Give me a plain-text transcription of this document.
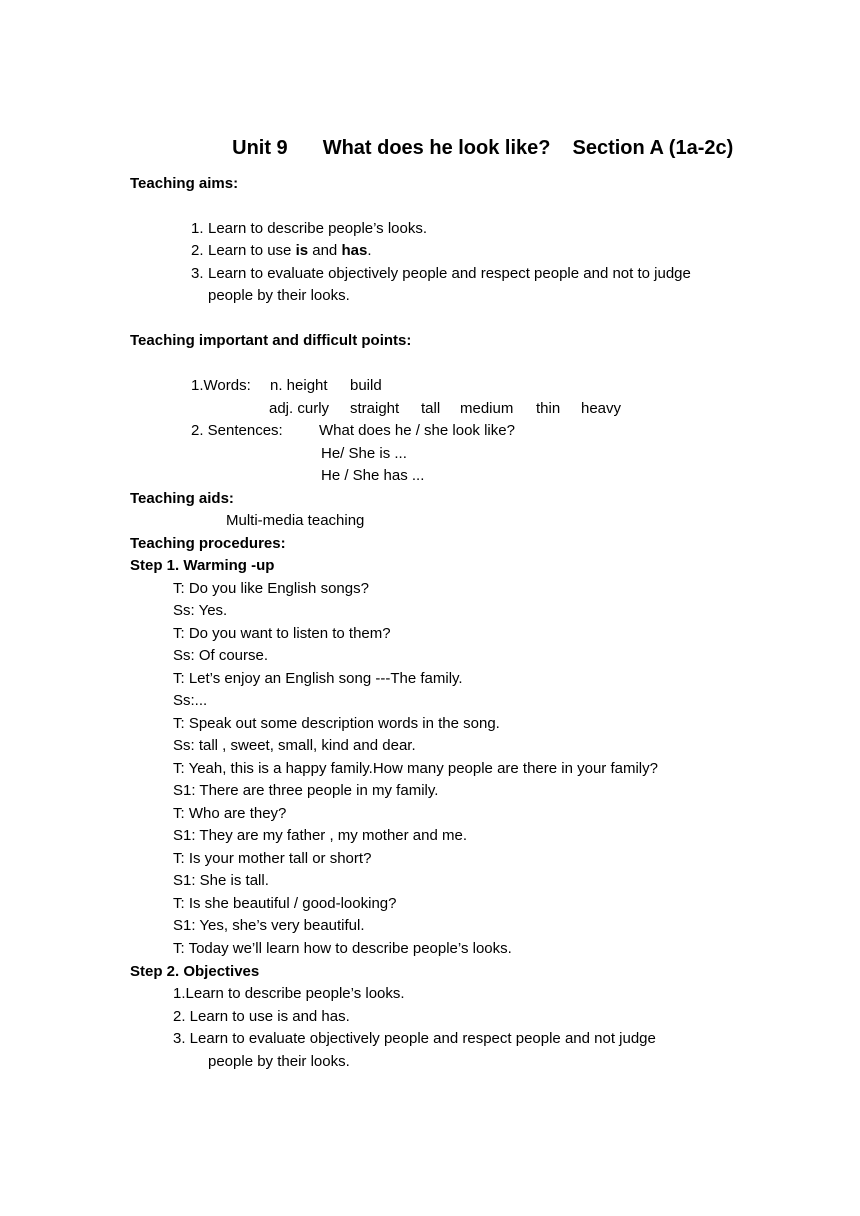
Unit 9 What does he look like? Section A (1a-2c)

Teaching aims:
1. Learn to describe people’s looks.
2. Learn to use is and has.
3. Learn to evaluate objectively people and respect people and not to judge
people by their looks.
Teaching important and difficult points:
1.Words: n. height build
adj. curly straight tall medium thin heavy
2. Sentences: What does he / she look like?
He/ She is ...
He / She has ...
Teaching aids:
Multi-media teaching
Teaching procedures:
Step 1. Warming -up
T: Do you like English songs?
Ss: Yes.
T: Do you want to listen to them?
Ss: Of course.
T: Let’s enjoy an English song ---The family.
Ss:...
T: Speak out some description words in the song.
Ss: tall , sweet, small, kind and dear.
T: Yeah, this is a happy family.How many people are there in your family?
S1: There are three people in my family.
T: Who are they?
S1: They are my father , my mother and me.
T: Is your mother tall or short?
S1: She is tall.
T: Is she beautiful / good-looking?
S1: Yes, she’s very beautiful.
T: Today we’ll learn how to describe people’s looks.
Step 2. Objectives
1.Learn to describe people’s looks.
2. Learn to use is and has.
3. Learn to evaluate objectively people and respect people and not judge
people by their looks.
